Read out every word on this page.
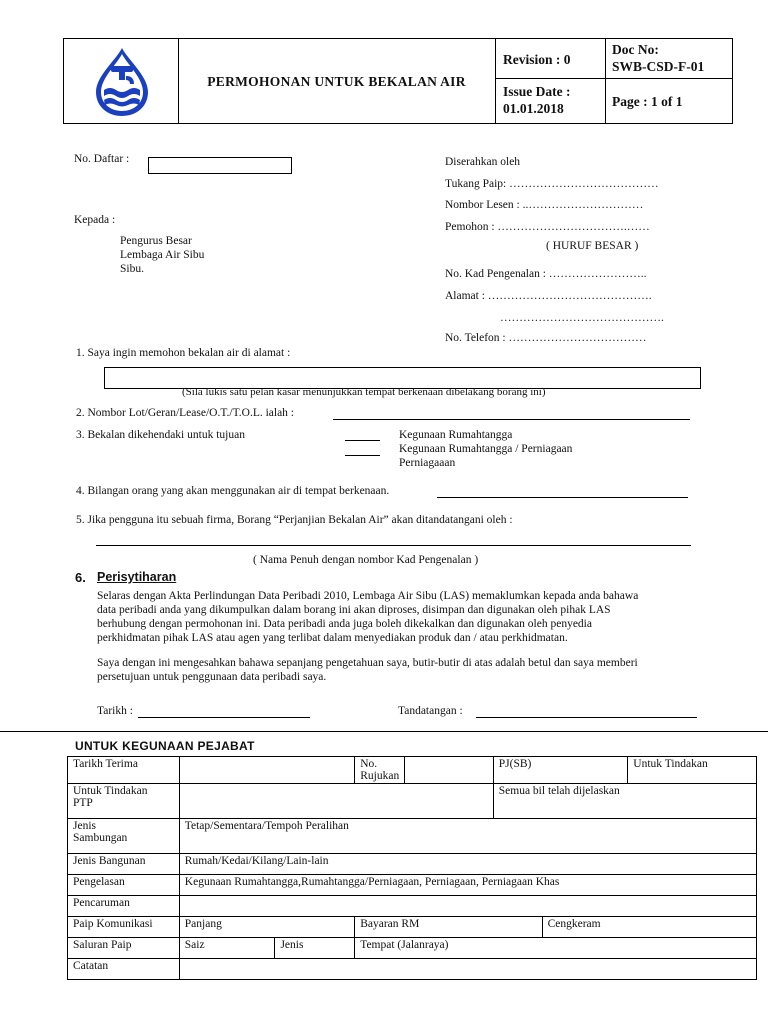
PERMOHONAN UNTUK BEKALAN AIR
Revision : 0
Doc No:
SWB-CSD-F-01
Issue Date :
01.01.2018	Page : 1 of 1
No. Daftar :
Kepada :
Pengurus Besar
Lembaga Air Sibu
Sibu.
Diserahkan oleh
Tukang Paip: …………………………………
Nombor Lesen : ..…………………………
Pemohon : …………………………….……
( HURUF BESAR )
No. Kad Pengenalan : ……………………..
Alamat : …………………………………….
…………………………………….
No. Telefon : ………………………………
1. Saya ingin memohon bekalan air di alamat :
(Sila lukis satu pelan kasar menunjukkan tempat berkenaan dibelakang borang ini)
2. Nombor Lot/Geran/Lease/O.T./T.O.L. ialah :
3. Bekalan dikehendaki untuk tujuan	Kegunaan Rumahtangga
Kegunaan Rumahtangga / Perniagaan
Perniagaaan
4. Bilangan orang yang akan menggunakan air di tempat berkenaan.
5. Jika pengguna itu sebuah firma, Borang “Perjanjian Bekalan Air” akan ditandatangani oleh :
( Nama Penuh dengan nombor Kad Pengenalan )
6. Perisytiharan
Selaras dengan Akta Perlindungan Data Peribadi 2010, Lembaga Air Sibu (LAS) memaklumkan kepada anda bahawa
data peribadi anda yang dikumpulkan dalam borang ini akan diproses, disimpan dan digunakan oleh pihak LAS
berhubung dengan permohonan ini. Data peribadi anda juga boleh dikekalkan dan digunakan oleh penyedia
perkhidmatan pihak LAS atau agen yang terlibat dalam menyediakan produk dan / atau perkhidmatan.
Saya dengan ini mengesahkan bahawa sepanjang pengetahuan saya, butir-butir di atas adalah betul dan saya memberi
persetujuan untuk penggunaan data peribadi saya.
Tarikh :	Tandatangan :
UNTUK KEGUNAAN PEJABAT
Tarikh Terima			No. Rujukan		PJ(SB)		Untuk Tindakan

Untuk Tindakan
PTP					Semua bil telah dijelaskan		

Jenis
Sambungan	Tetap/Sementara/Tempoh Peralihan						
Jenis Bangunan	Rumah/Kedai/Kilang/Lain-lain						
Pengelasan	Kegunaan Rumahtangga,Rumahtangga/Perniagaan, Perniagaan, Perniagaan Khas						
Pencaruman							
Paip Komunikasi	Panjang		Bayaran RM			Cengkeram	
Saluran Paip	Saiz	Jenis	Tempat (Jalanraya)				
Catatan							
